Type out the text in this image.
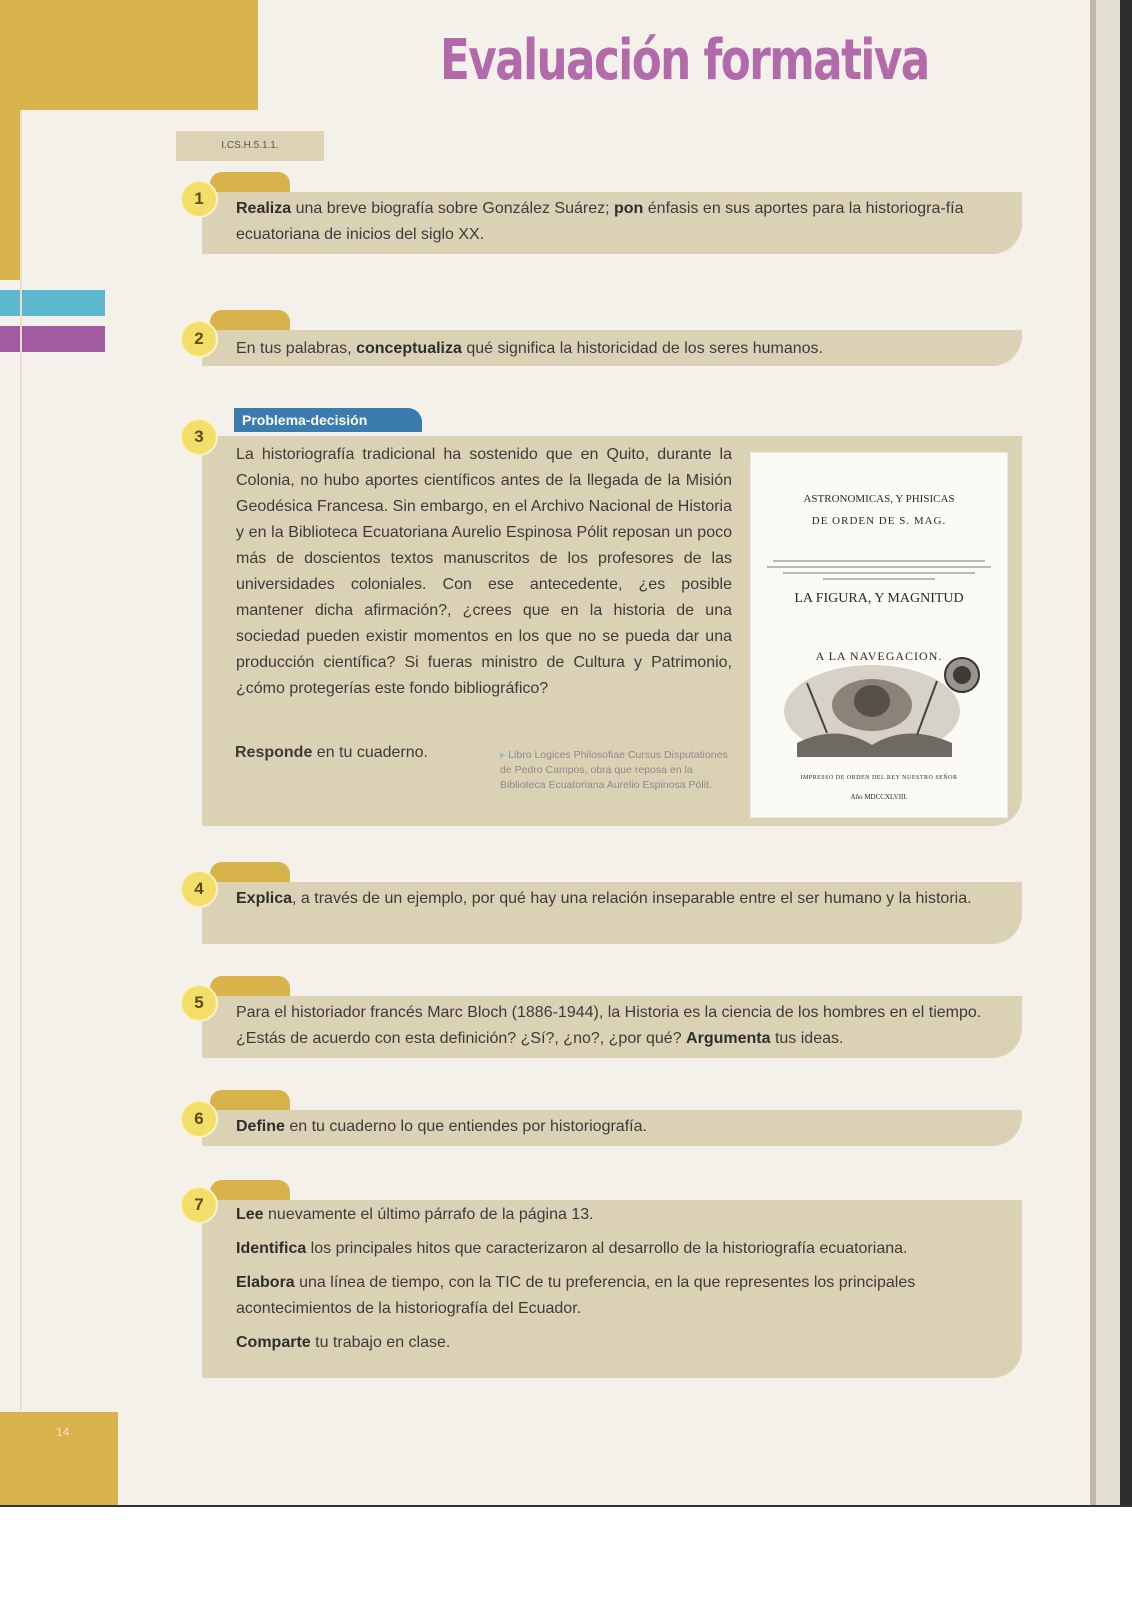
14
Evaluación formativa
I.CS.H.5.1.1.
1
Realiza una breve biografía sobre González Suárez; pon énfasis en sus aportes para la historiogra-fía ecuatoriana de inicios del siglo XX.
2
En tus palabras, conceptualiza qué significa la historicidad de los seres humanos.
3
La historiografía tradicional ha sostenido que en Quito, durante la Colonia, no hubo aportes científicos antes de la llegada de la Misión Geodésica Francesa. Sin embargo, en el Archivo Nacional de Historia y en la Biblioteca Ecuatoriana Aurelio Espinosa Pólit reposan un poco más de doscientos textos manuscritos de los profesores de las universidades coloniales. Con ese antecedente, ¿es posible mantener dicha afirmación?, ¿crees que en la historia de una sociedad pueden existir momentos en los que no se pueda dar una producción científica? Si fueras ministro de Cultura y Patrimonio, ¿cómo protegerías este fondo bibliográfico?
Problema-decisión
Responde en tu cuaderno.	▸ Libro Logices Philosofiae Cursus Disputationes de Pedro Campos, obra que reposa en la Biblioteca Ecuatoriana Aurelio Espinosa Pólit.
ASTRONOMICAS, Y PHISICAS
DE ORDEN DE S. MAG.
LA FIGURA, Y MAGNITUD
A LA NAVEGACION.
IMPRESSO DE ORDEN DEL REY NUESTRO SEÑOR
Año MDCCXLVIII.
4
Explica, a través de un ejemplo, por qué hay una relación inseparable entre el ser humano y la historia.
5
Para el historiador francés Marc Bloch (1886-1944), la Historia es la ciencia de los hombres en el tiempo. ¿Estás de acuerdo con esta definición? ¿Sí?, ¿no?, ¿por qué? Argumenta tus ideas.
6	Define en tu cuaderno lo que entiendes por historiografía.
7

Lee nuevamente el último párrafo de la página 13.

Identifica los principales hitos que caracterizaron al desarrollo de la historiografía ecuatoriana.

Elabora una línea de tiempo, con la TIC de tu preferencia, en la que representes los principales acontecimientos de la historiografía del Ecuador.

Comparte tu trabajo en clase.
